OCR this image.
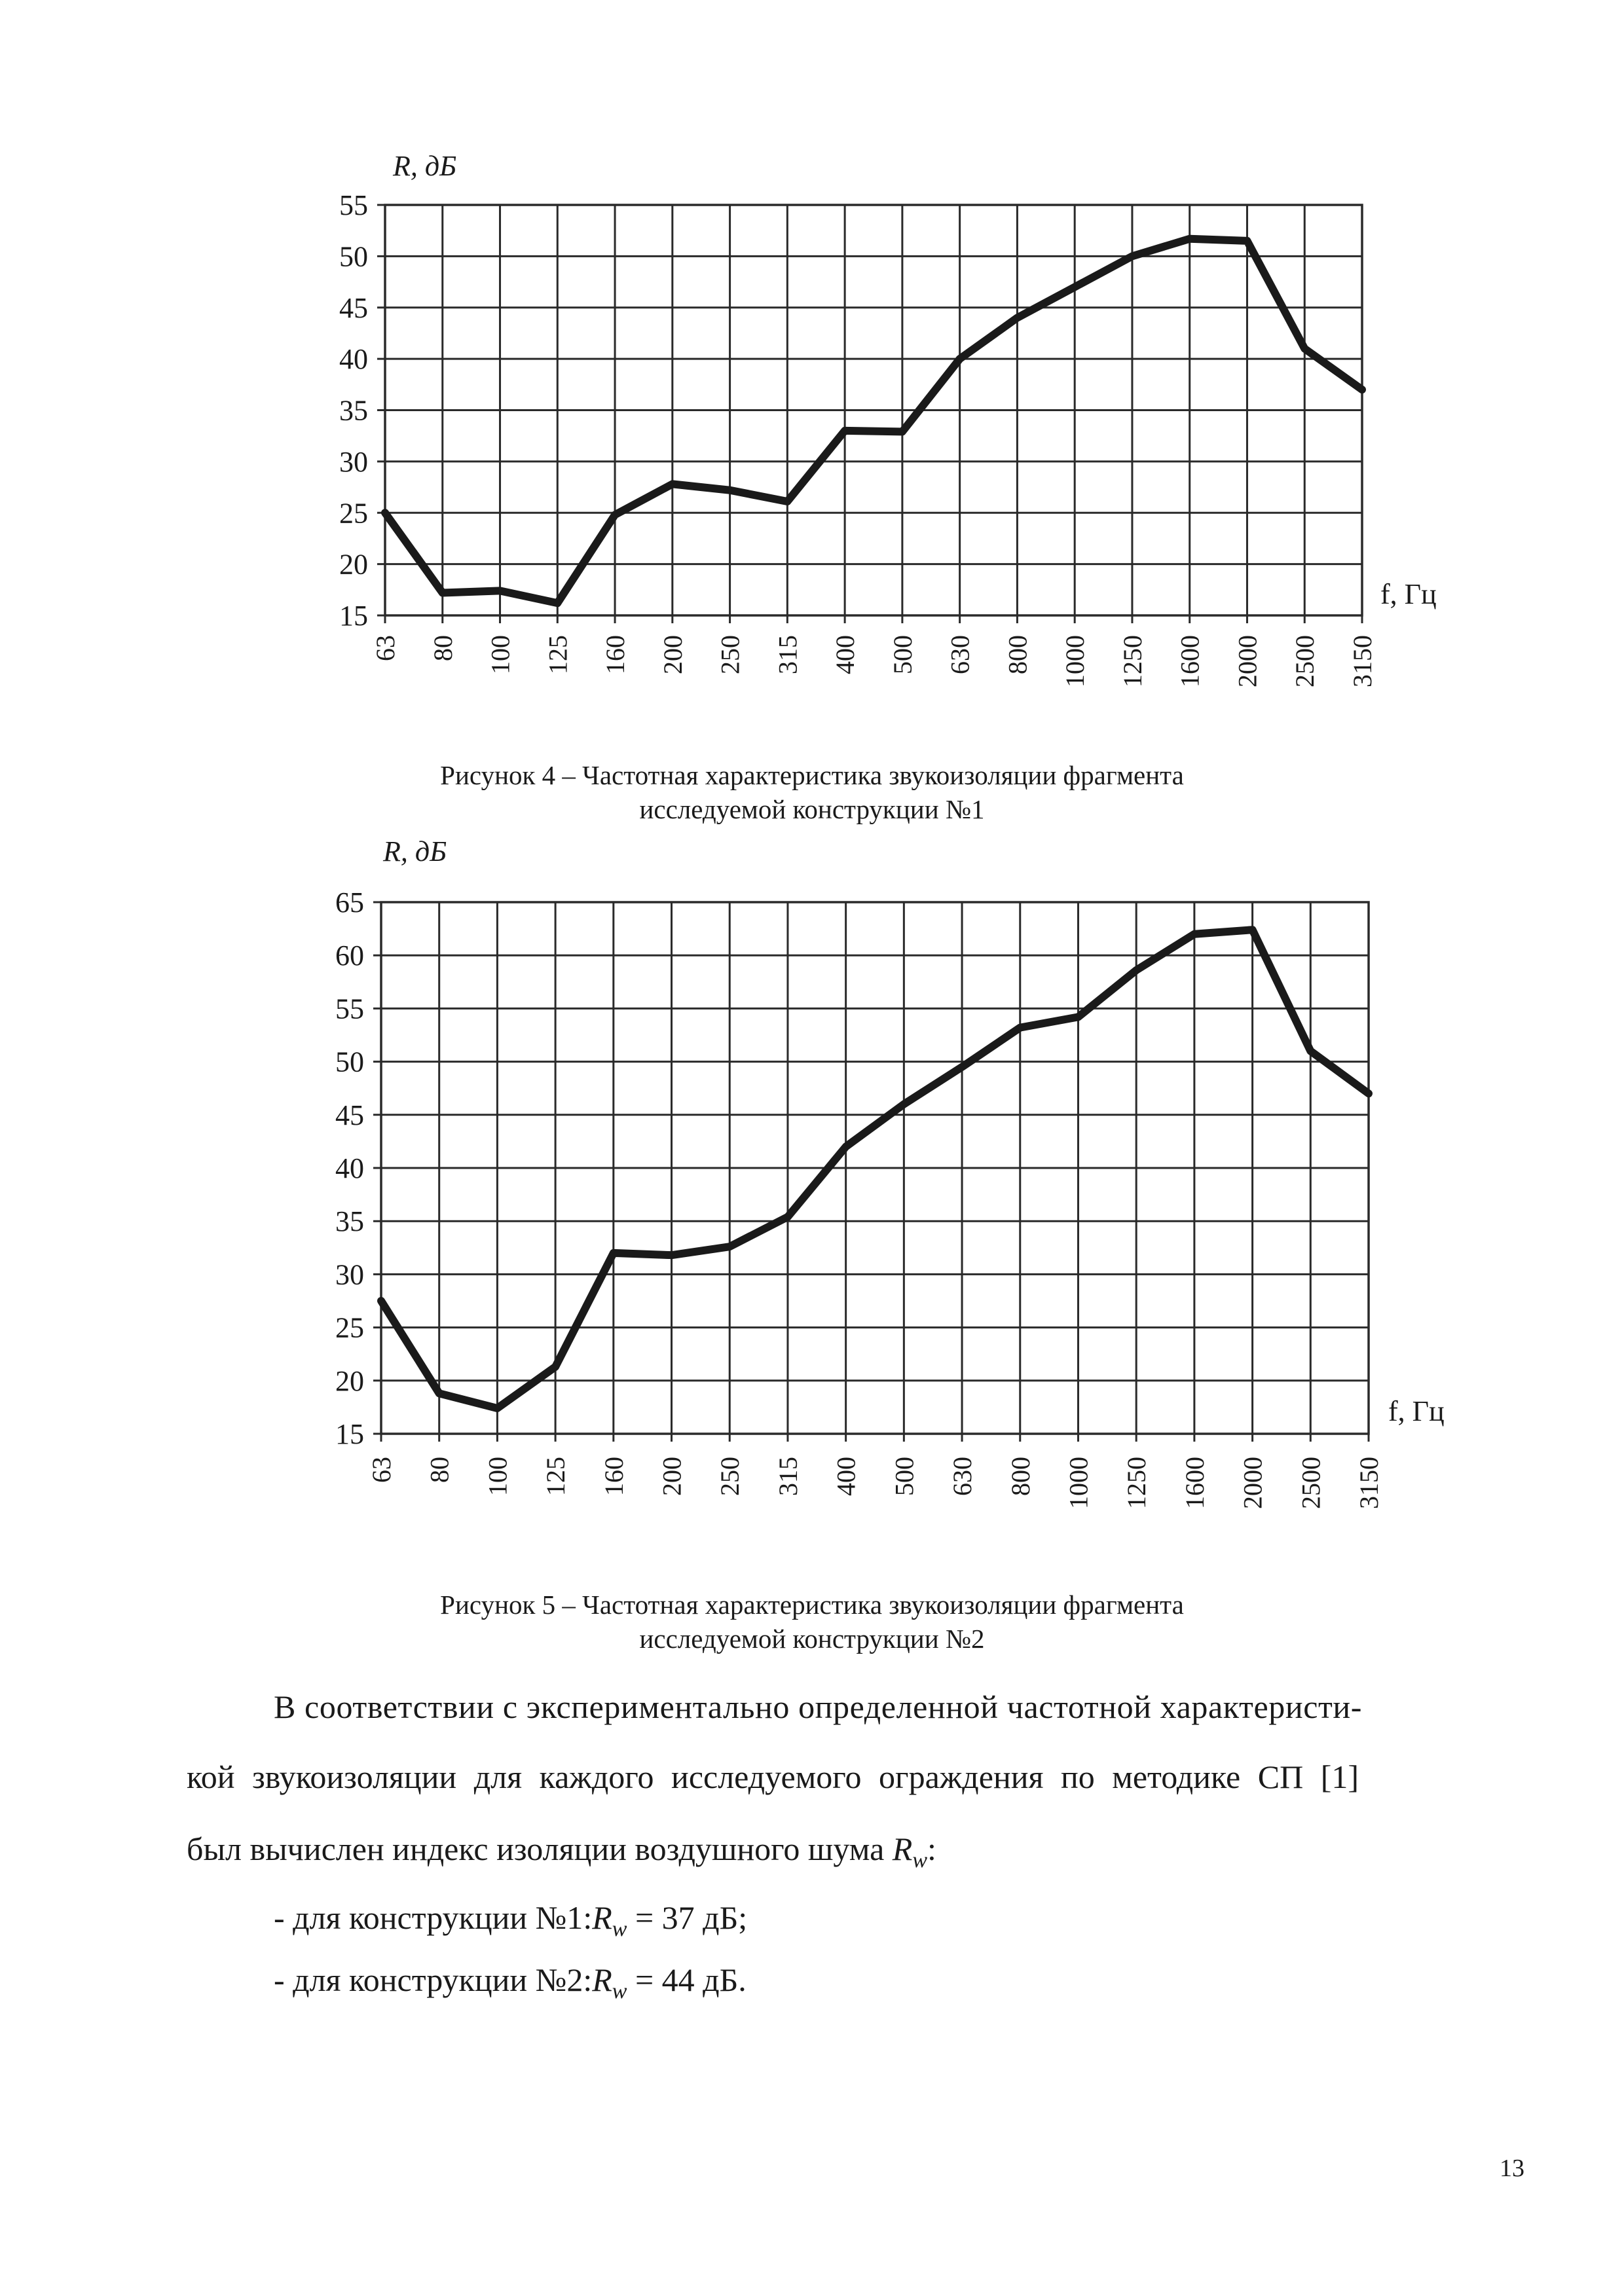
15
20
25
30
35
40
45
50
55
63 80 100 125 160 200 250 315 400 500 630 800 1000 1250 1600 2000 2500 3150
R, дБ
f, Гц
Рисунок 4 – Частотная характеристика звукоизоляции фрагмента
исследуемой конструкции №1
15
20
25
30
35
40
45
50
55
60
65
63 80 100 125 160 200 250 315 400 500 630 800 1000 1250 1600 2000 2500 3150
R, дБ
f, Гц
Рисунок 5 – Частотная характеристика звукоизоляции фрагмента
исследуемой конструкции №2
В соответствии с экспериментально определенной частотной характеристи-
кой звукоизоляции для каждого исследуемого ограждения по методике СП [1]
был вычислен индекс изоляции воздушного шума $R_w$:
- для конструкции $№1:R_w = 37$ дБ;
- для конструкции $№2:R_w = 44$ дБ.
13
